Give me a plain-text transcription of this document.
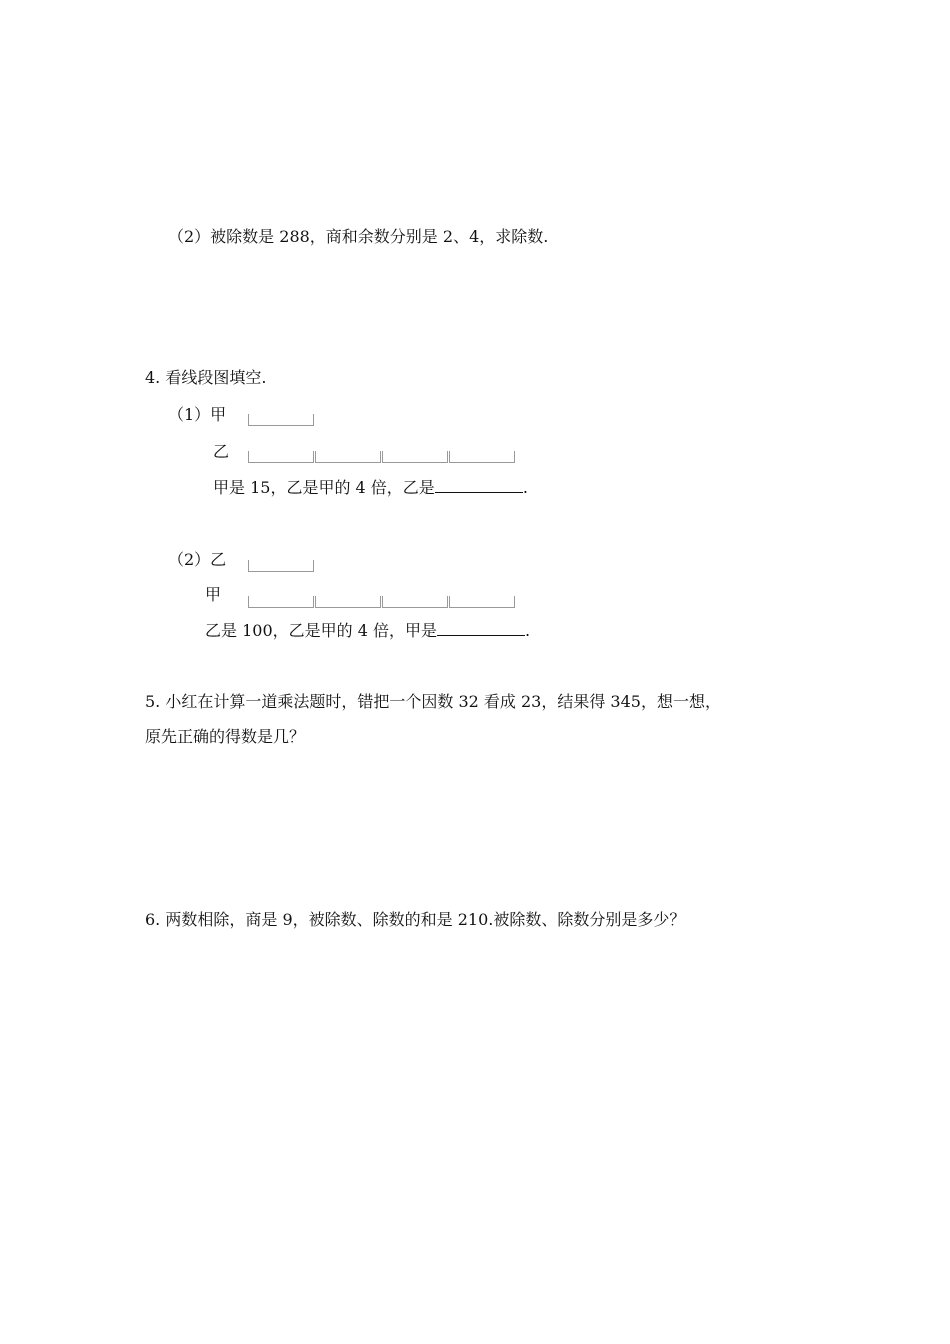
（2）被除数是 288，商和余数分别是 2、4，求除数.
4. 看线段图填空.
（1）甲
乙
甲是 15，乙是甲的 4 倍，乙是	.
（2）乙
甲
乙是 100，乙是甲的 4 倍，甲是	.
5. 小红在计算一道乘法题时，错把一个因数 32 看成 23，结果得 345，想一想，
原先正确的得数是几？
6. 两数相除，商是 9，被除数、除数的和是 210.被除数、除数分别是多少？
